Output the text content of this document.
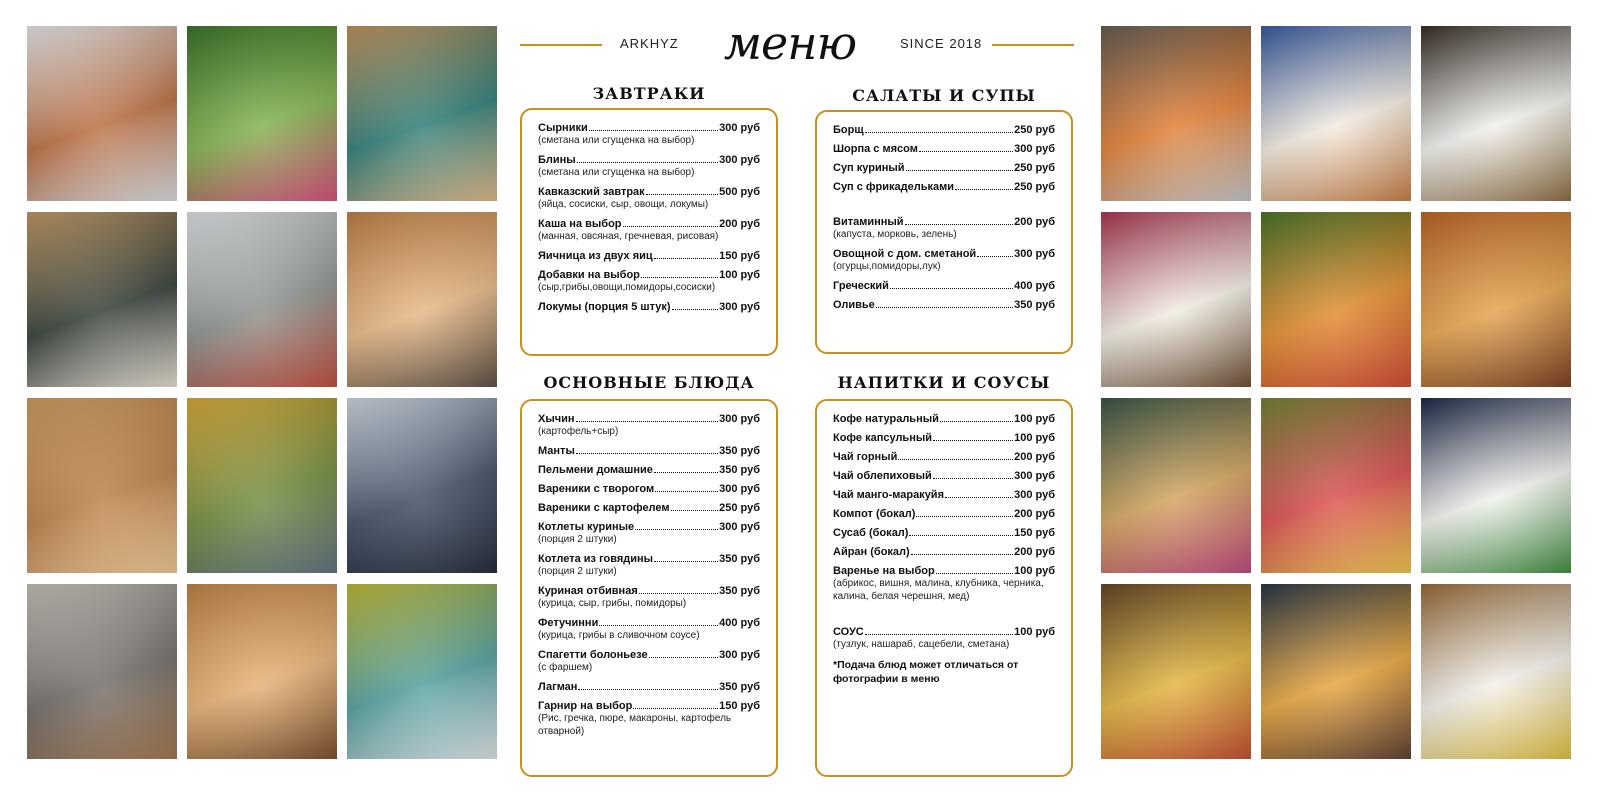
ARKHYZ меню	SINCE 2018
ЗАВТРАКИ
Сырники	300 руб
(сметана или сгущенка на выбор)
Блины	300 руб
(сметана или сгущенка на выбор)
Кавказский завтрак	500 руб
(яйца, сосиски, сыр, овощи, локумы)
Каша на выбор	200 руб
(манная, овсяная, гречневая, рисовая)
Яичница из двух яиц	150 руб
Добавки на выбор	100 руб
(сыр,грибы,овощи,помидоры,сосиски)
Локумы (порция 5 штук)	300 руб
САЛАТЫ И СУПЫ
Борщ	250 руб
Шорпа с мясом	300 руб
Суп куриный	250 руб
Суп с фрикадельками	250 руб
Витаминный	200 руб
(капуста, морковь, зелень)
Овощной с дом. сметаной	300 руб
(огурцы,помидоры,лук)
Греческий	400 руб
Оливье	350 руб
ОСНОВНЫЕ БЛЮДА
Хычин	300 руб
(картофель+сыр)
Манты	350 руб
Пельмени домашние	350 руб
Вареники с творогом	300 руб
Вареники с картофелем	250 руб
Котлеты куриные	300 руб
(порция 2 штуки)
Котлета из говядины	350 руб
(порция 2 штуки)
Куриная отбивная	350 руб
(курица, сыр, грибы, помидоры)
Фетучинни	400 руб
(курица, грибы в сливочном соусе)
Спагетти болоньезе	300 руб
(с фаршем)
Лагман	350 руб
Гарнир на выбор	150 руб
(Рис, гречка, пюре, макароны, картофель отварной)
НАПИТКИ И СОУСЫ
Кофе натуральный	100 руб
Кофе капсульный	100 руб
Чай горный	200 руб
Чай облепиховый	300 руб
Чай манго-маракуйя	300 руб
Компот (бокал)	200 руб
Сусаб (бокал)	150 руб
Айран (бокал)	200 руб
Варенье на выбор	100 руб
(абрикос, вишня, малина, клубника, черника, калина, белая черешня, мед)
СОУС	100 руб
(тузлук, нашараб, сацебели, сметана)
*Подача блюд может отличаться от фотографии в меню
